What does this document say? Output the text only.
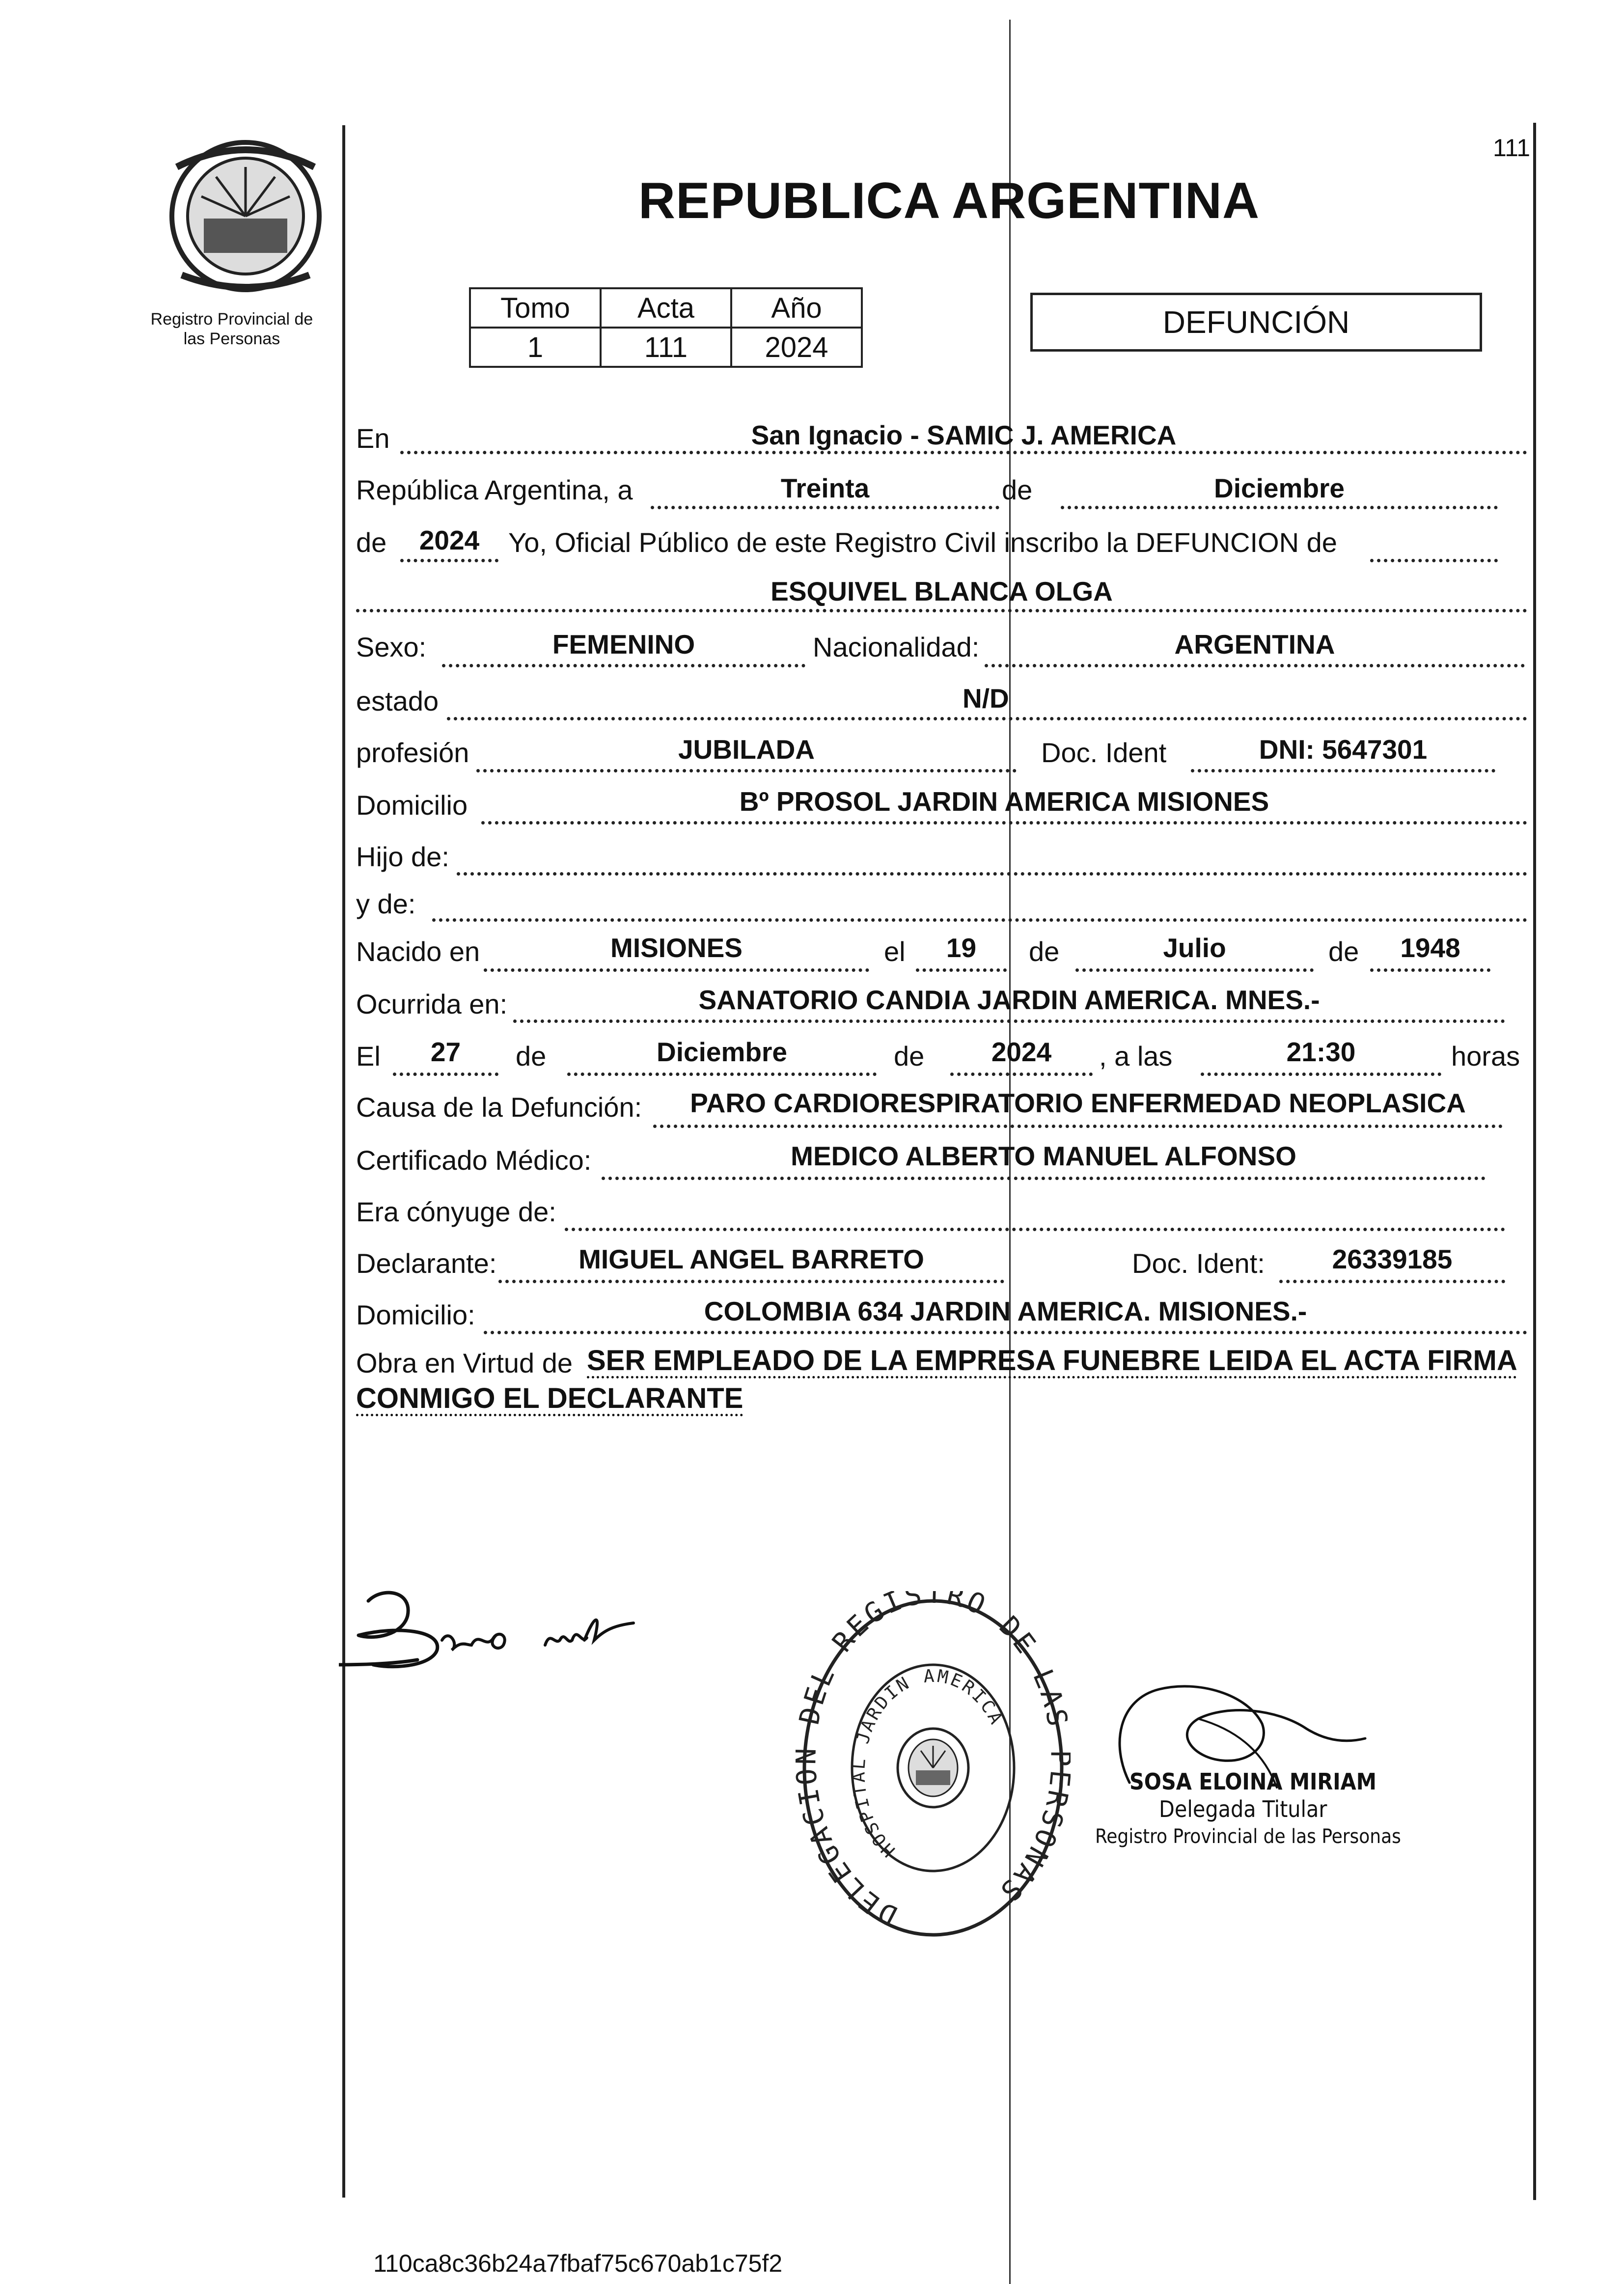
111
Registro Provincial de
las Personas
REPUBLICA ARGENTINA
Tomo	Acta	Año
1	111	2024
DEFUNCIÓN
En	San Ignacio - SAMIC J. AMERICA
República Argentina, a	Treinta	de	Diciembre
de	2024	Yo, Oficial Público de este Registro Civil inscribo la DEFUNCION de
ESQUIVEL BLANCA OLGA
Sexo:	FEMENINO	Nacionalidad:	ARGENTINA
estado	N/D
profesión	JUBILADA	Doc. Ident	DNI: 5647301
Domicilio	Bº PROSOL JARDIN AMERICA MISIONES
Hijo de:
y de:
Nacido en	MISIONES	el	19	de	Julio	de	1948
Ocurrida en:	SANATORIO CANDIA JARDIN AMERICA. MNES.-
El	27	de	Diciembre	de	2024	, a las	21:30	horas
Causa de la Defunción:	PARO CARDIORESPIRATORIO ENFERMEDAD NEOPLASICA
Certificado Médico:	MEDICO ALBERTO MANUEL ALFONSO
Era cónyuge de:
Declarante:	MIGUEL ANGEL BARRETO	Doc. Ident:	26339185
Domicilio:	COLOMBIA 634 JARDIN AMERICA. MISIONES.-
Obra en Virtud de SER EMPLEADO DE LA EMPRESA FUNEBRE LEIDA EL ACTA FIRMA
CONMIGO EL DECLARANTE
DELEGACI DEL REGISTRO DE LAS RSONAS
HOSPITAL JARDIN AMERICA
SOSA ELOINA MIRIAM
Delegada Titular
Registro Provincial de las Personas
110ca8c36b24a7fbaf75c670ab1c75f2
